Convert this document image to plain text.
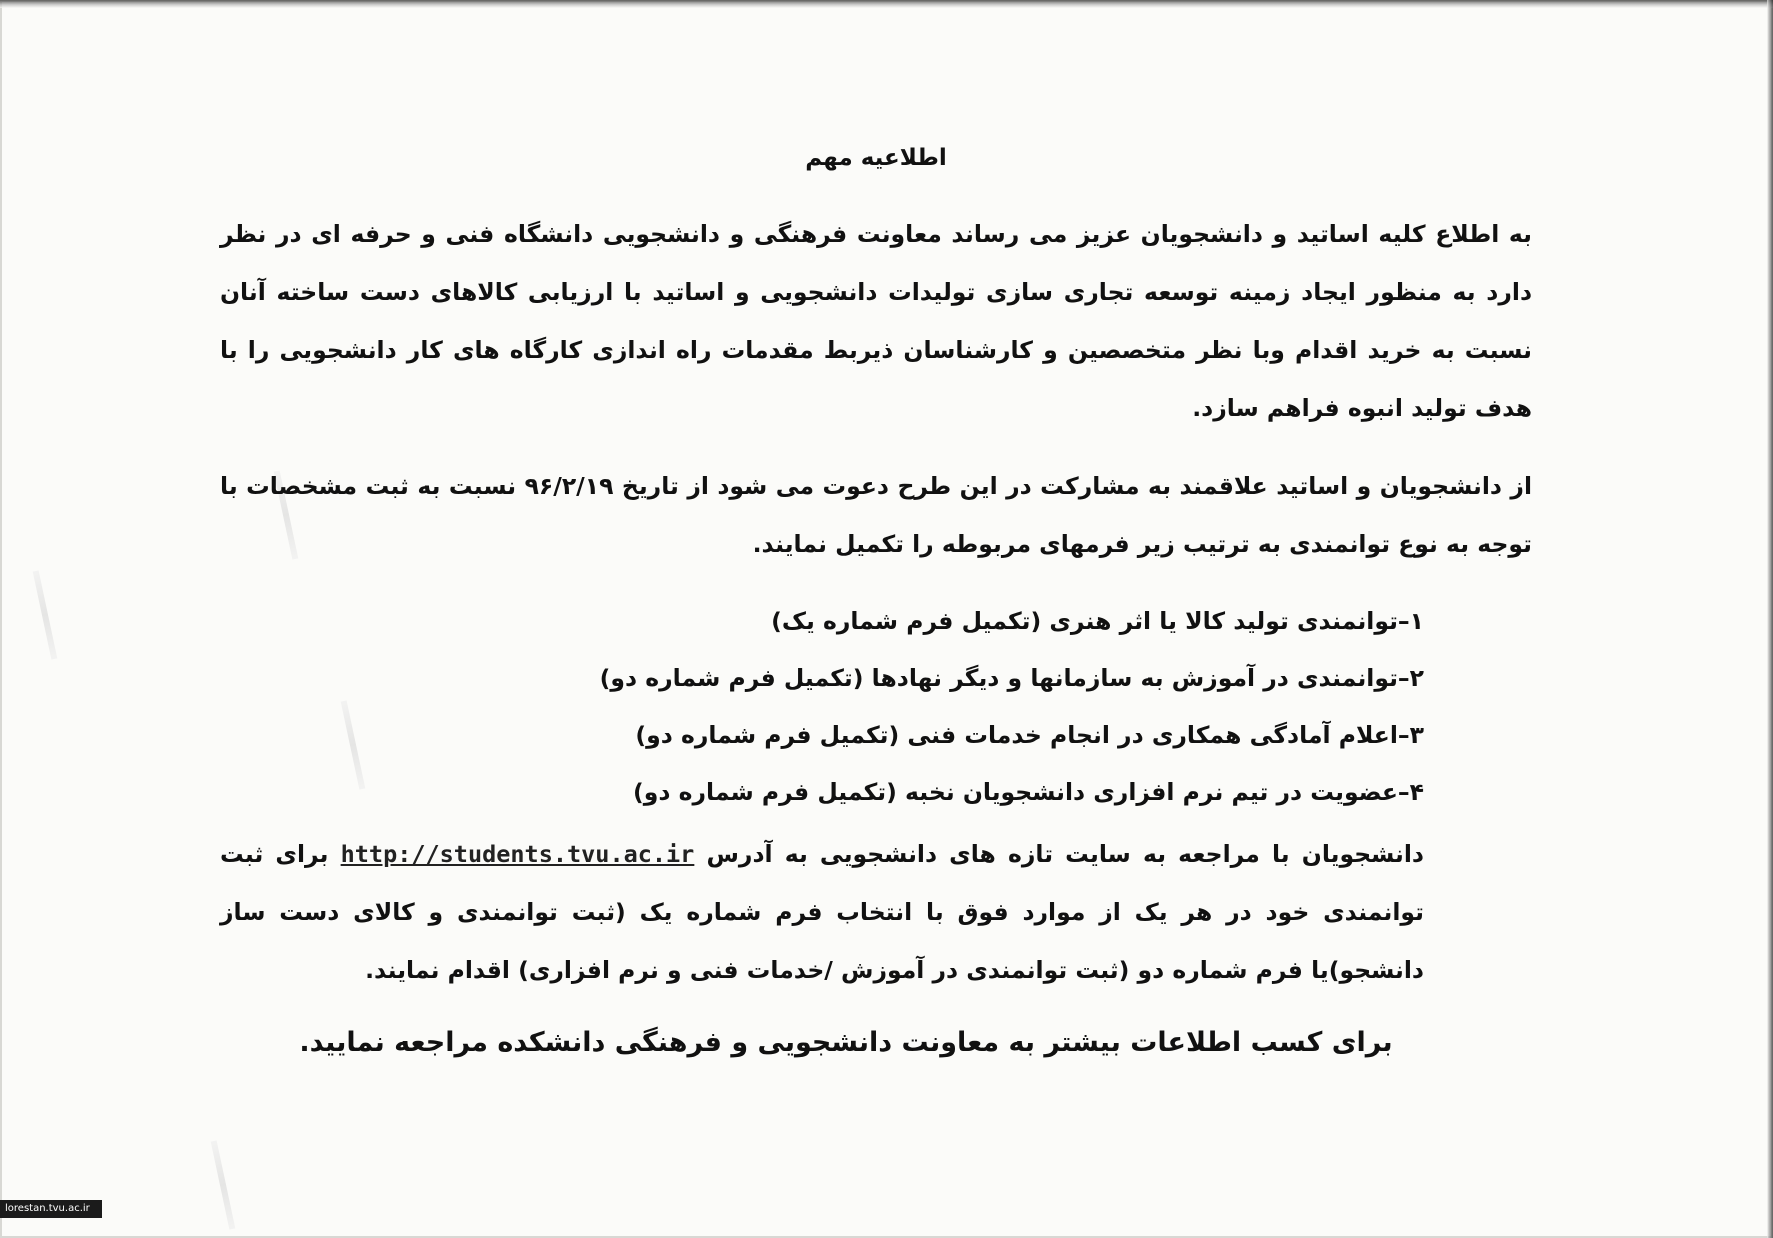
اطلاعیه مهم

به اطلاع کلیه اساتید و دانشجویان عزیز می رساند معاونت فرهنگی و دانشجویی دانشگاه فنی و حرفه ای در نظر دارد به منظور ایجاد زمینه توسعه تجاری سازی تولیدات دانشجویی و اساتید با ارزیابی کالاهای دست ساخته آنان نسبت به خرید اقدام وبا نظر متخصصین و کارشناسان ذیربط مقدمات راه اندازی کارگاه های کار دانشجویی را با هدف تولید انبوه فراهم سازد.

از دانشجویان و اساتید علاقمند به مشارکت در این طرح دعوت می شود از تاریخ ۹۶/۲/۱۹ نسبت به ثبت مشخصات با توجه به نوع توانمندی به ترتیب زیر فرمهای مربوطه را تکمیل نمایند.

۱–توانمندی تولید کالا یا اثر هنری (تکمیل فرم شماره یک)
۲–توانمندی در آموزش به سازمانها و دیگر نهادها (تکمیل فرم شماره دو)
۳–اعلام آمادگی همکاری در انجام خدمات فنی (تکمیل فرم شماره دو)
۴–عضویت در تیم نرم افزاری دانشجویان نخبه (تکمیل فرم شماره دو)

دانشجویان با مراجعه به سایت تازه های دانشجویی به آدرس http://students.tvu.ac.ir برای ثبت توانمندی خود در هر یک از موارد فوق با انتخاب فرم شماره یک (ثبت توانمندی و کالای دست ساز دانشجو)یا فرم شماره دو (ثبت توانمندی در آموزش /خدمات فنی و نرم افزاری) اقدام نمایند.

برای کسب اطلاعات بیشتر به معاونت دانشجویی و فرهنگی دانشکده مراجعه نمایید.

lorestan.tvu.ac.ir
